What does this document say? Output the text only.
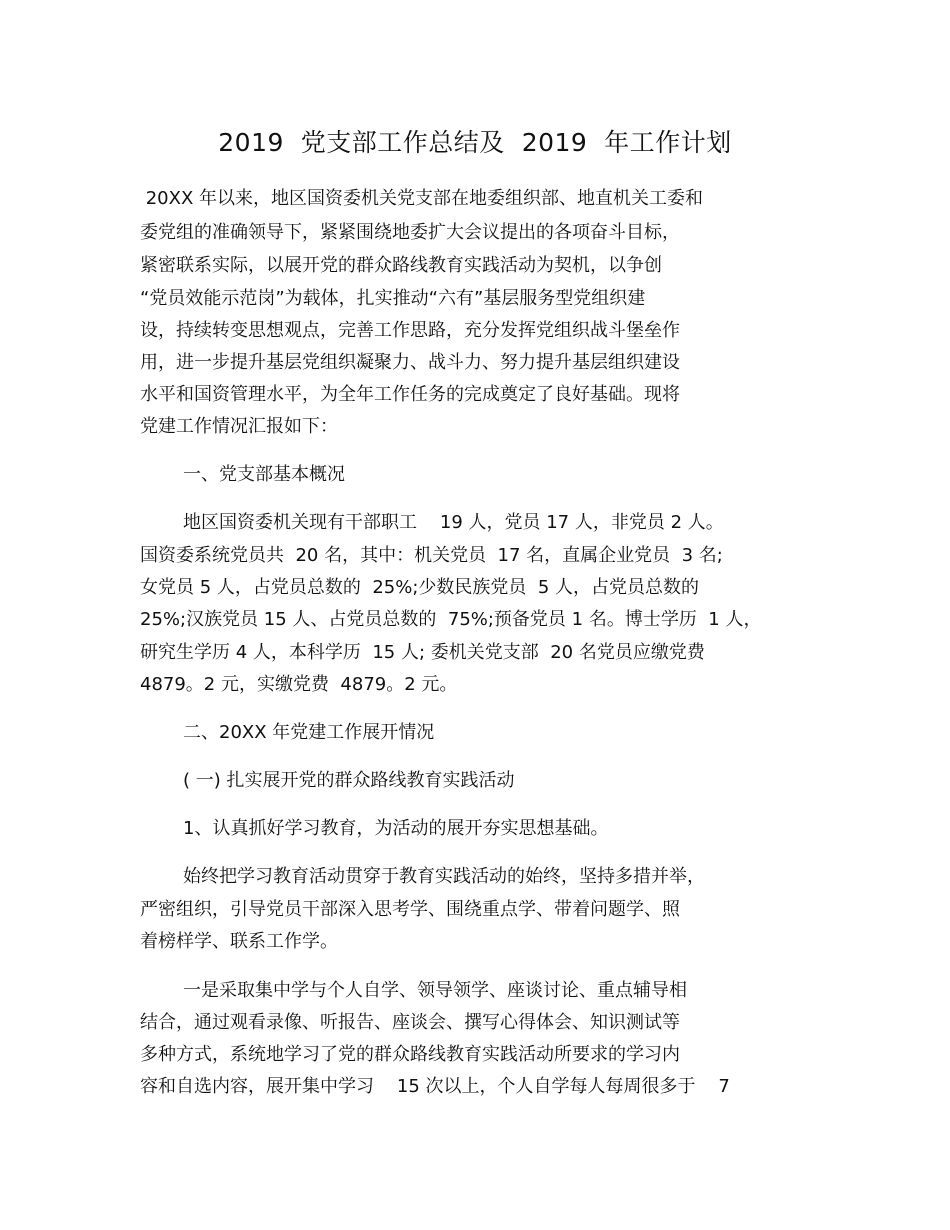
2019  党支部工作总结及  2019  年工作计划
20XX 年以来，地区国资委机关党支部在地委组织部、地直机关工委和
委党组的准确领导下，紧紧围绕地委扩大会议提出的各项奋斗目标，
紧密联系实际，以展开党的群众路线教育实践活动为契机，以争创
“党员效能示范岗”为载体，扎实推动“六有”基层服务型党组织建
设，持续转变思想观点，完善工作思路，充分发挥党组织战斗堡垒作
用，进一步提升基层党组织凝聚力、战斗力、努力提升基层组织建设
水平和国资管理水平，为全年工作任务的完成奠定了良好基础。现将
党建工作情况汇报如下：
一、党支部基本概况
地区国资委机关现有干部职工    19 人，党员 17 人，非党员 2 人。
国资委系统党员共  20 名，其中：机关党员  17 名，直属企业党员  3 名;
女党员 5 人，占党员总数的  25%;少数民族党员  5 人，占党员总数的
25%;汉族党员 15 人、占党员总数的  75%;预备党员 1 名。博士学历  1 人，
研究生学历 4 人，本科学历  15 人; 委机关党支部  20 名党员应缴党费
4879。2 元，实缴党费  4879。2 元。
二、20XX 年党建工作展开情况
( 一) 扎实展开党的群众路线教育实践活动
1、认真抓好学习教育，为活动的展开夯实思想基础。
始终把学习教育活动贯穿于教育实践活动的始终，坚持多措并举，
严密组织，引导党员干部深入思考学、围绕重点学、带着问题学、照
着榜样学、联系工作学。
一是采取集中学与个人自学、领导领学、座谈讨论、重点辅导相
结合，通过观看录像、听报告、座谈会、撰写心得体会、知识测试等
多种方式，系统地学习了党的群众路线教育实践活动所要求的学习内
容和自选内容，展开集中学习    15 次以上，个人自学每人每周很多于    7
